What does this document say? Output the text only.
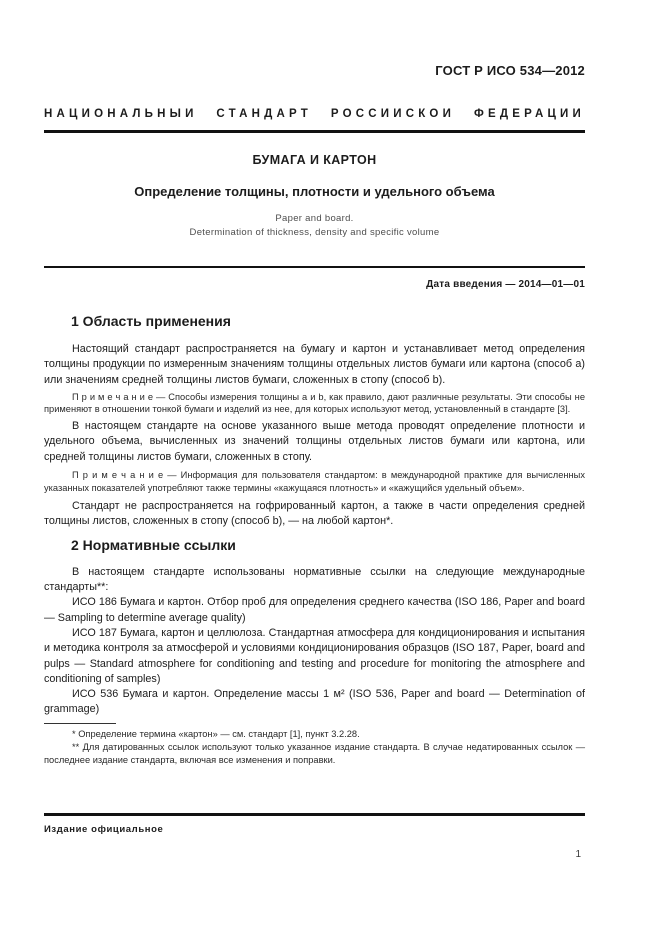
ГОСТ Р ИСО 534—2012
НАЦИОНАЛЬНЫЙ СТАНДАРТ РОССИЙСКОЙ ФЕДЕРАЦИИ
БУМАГА И КАРТОН
Определение толщины, плотности и удельного объема
Paper and board.
Determination of thickness, density and specific volume
Дата введения — 2014—01—01
1 Область применения
Настоящий стандарт распространяется на бумагу и картон и устанавливает метод определения толщины продукции по измеренным значениям толщины отдельных листов бумаги или картона (способ a) или значениям средней толщины листов бумаги, сложенных в стопу (способ b).
П р и м е ч а н и е — Способы измерения толщины a и b, как правило, дают различные результаты. Эти способы не применяют в отношении тонкой бумаги и изделий из нее, для которых используют метод, установленный в стандарте [3].
В настоящем стандарте на основе указанного выше метода проводят определение плотности и удельного объема, вычисленных из значений толщины отдельных листов бумаги или картона, или средней толщины листов бумаги, сложенных в стопу.
П р и м е ч а н и е — Информация для пользователя стандартом: в международной практике для вычисленных указанных показателей употребляют также термины «кажущаяся плотность» и «кажущийся удельный объем».
Стандарт не распространяется на гофрированный картон, а также в части определения средней толщины листов, сложенных в стопу (способ b), — на любой картон*.
2 Нормативные ссылки
В настоящем стандарте использованы нормативные ссылки на следующие международные стандарты**:
ИСО 186 Бумага и картон. Отбор проб для определения среднего качества (ISO 186, Paper and board — Sampling to determine average quality)
ИСО 187 Бумага, картон и целлюлоза. Стандартная атмосфера для кондиционирования и испытания и методика контроля за атмосферой и условиями кондиционирования образцов (ISO 187, Paper, board and pulps — Standard atmosphere for conditioning and testing and procedure for monitoring the atmosphere and conditioning of samples)
ИСО 536 Бумага и картон. Определение массы 1 м² (ISO 536, Paper and board — Determination of grammage)
* Определение термина «картон» — см. стандарт [1], пункт 3.2.28.
** Для датированных ссылок используют только указанное издание стандарта. В случае недатированных ссылок — последнее издание стандарта, включая все изменения и поправки.
Издание официальное
1
